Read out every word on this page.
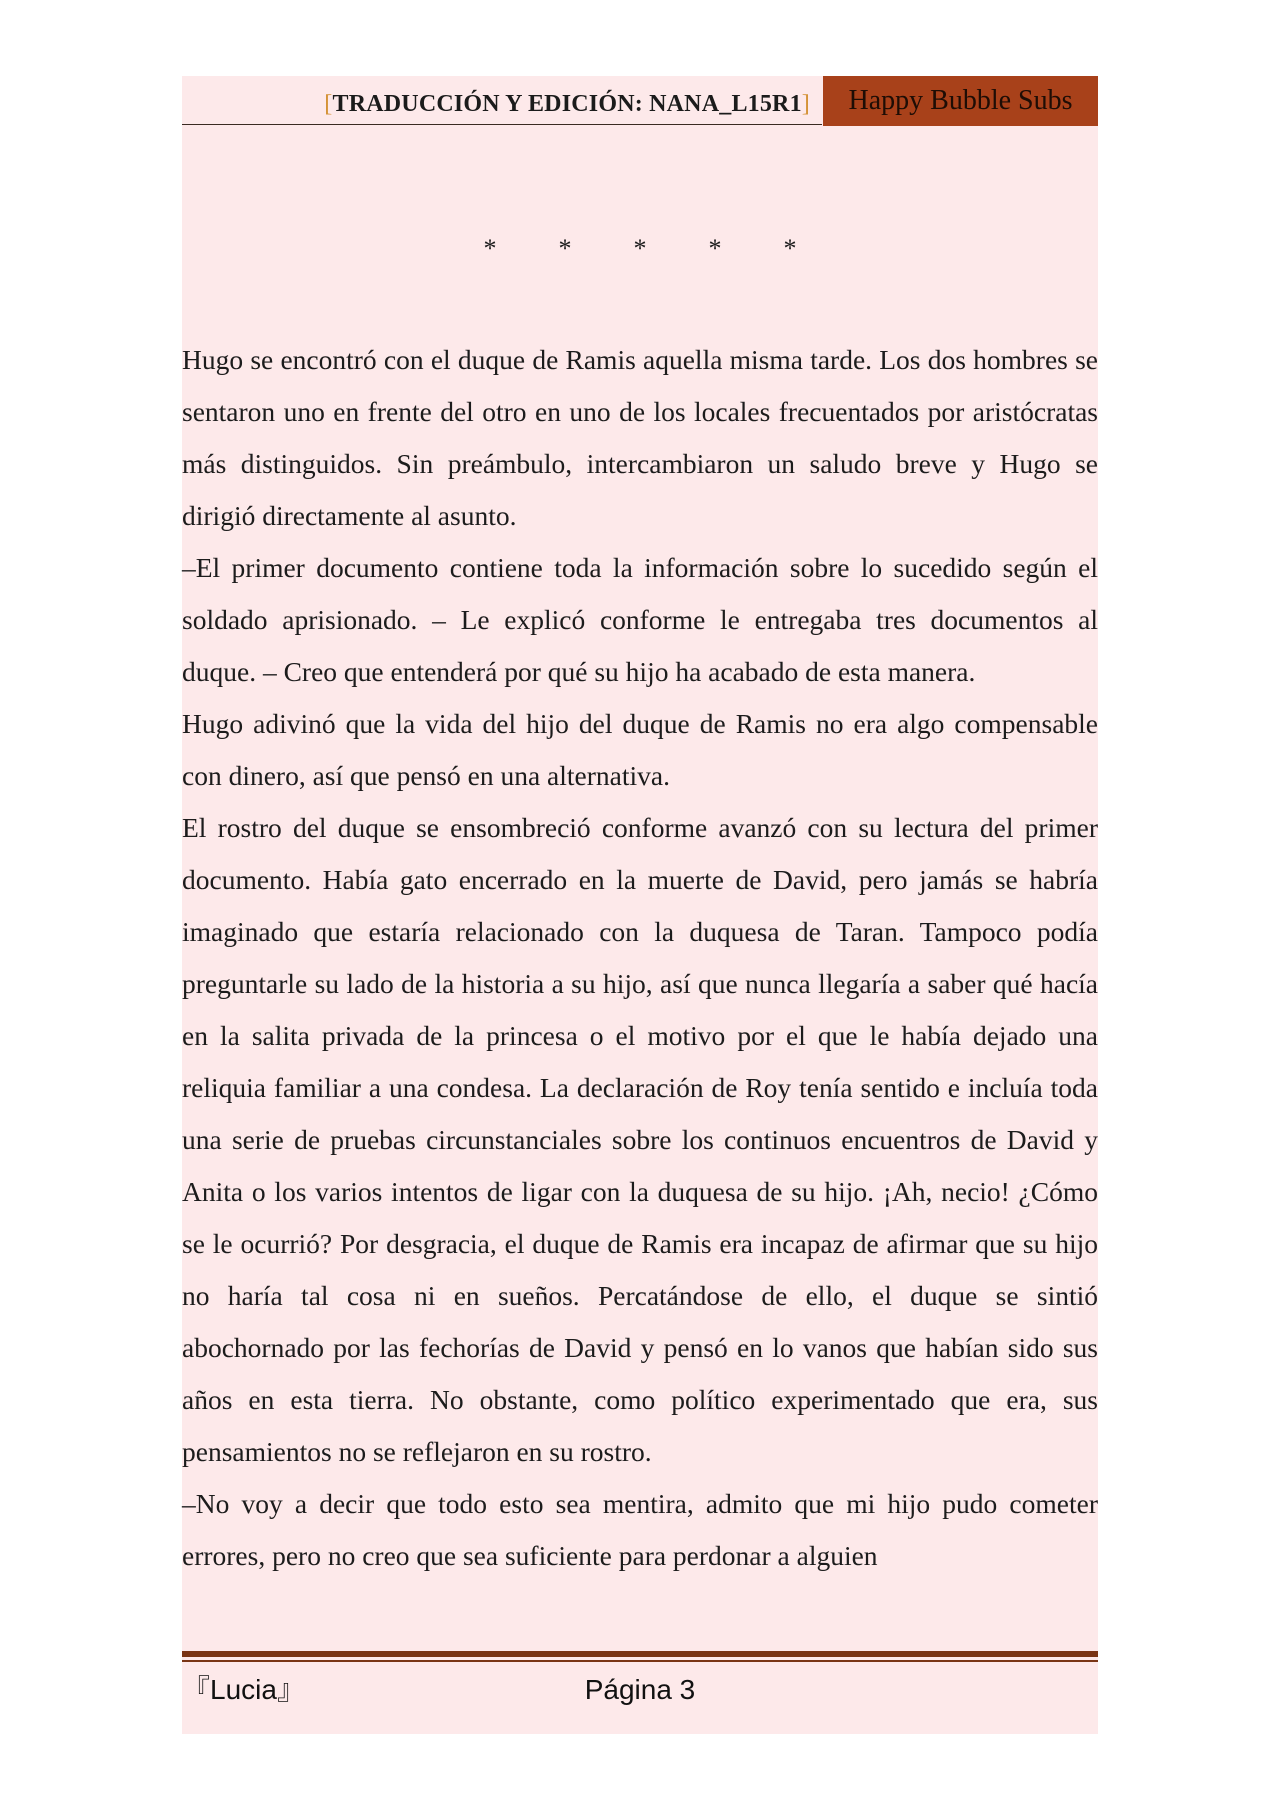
[TRADUCCIÓN Y EDICIÓN: NANA_L15R1]	Happy Bubble Subs
* * * * *

Hugo se encontró con el duque de Ramis aquella misma tarde. Los dos hombres se sentaron uno en frente del otro en uno de los locales frecuentados por aristócratas más distinguidos. Sin preámbulo, intercambiaron un saludo breve y Hugo se dirigió directamente al asunto.

–El primer documento contiene toda la información sobre lo sucedido según el soldado aprisionado. – Le explicó conforme le entregaba tres documentos al duque. – Creo que entenderá por qué su hijo ha acabado de esta manera.

Hugo adivinó que la vida del hijo del duque de Ramis no era algo compensable con dinero, así que pensó en una alternativa.

El rostro del duque se ensombreció conforme avanzó con su lectura del primer documento. Había gato encerrado en la muerte de David, pero jamás se habría imaginado que estaría relacionado con la duquesa de Taran. Tampoco podía preguntarle su lado de la historia a su hijo, así que nunca llegaría a saber qué hacía en la salita privada de la princesa o el motivo por el que le había dejado una reliquia familiar a una condesa. La declaración de Roy tenía sentido e incluía toda una serie de pruebas circunstanciales sobre los continuos encuentros de David y Anita o los varios intentos de ligar con la duquesa de su hijo. ¡Ah, necio! ¿Cómo se le ocurrió? Por desgracia, el duque de Ramis era incapaz de afirmar que su hijo no haría tal cosa ni en sueños. Percatándose de ello, el duque se sintió abochornado por las fechorías de David y pensó en lo vanos que habían sido sus años en esta tierra. No obstante, como político experimentado que era, sus pensamientos no se reflejaron en su rostro.

–No voy a decir que todo esto sea mentira, admito que mi hijo pudo cometer errores, pero no creo que sea suficiente para perdonar a alguien

『Lucia』	Página 3
